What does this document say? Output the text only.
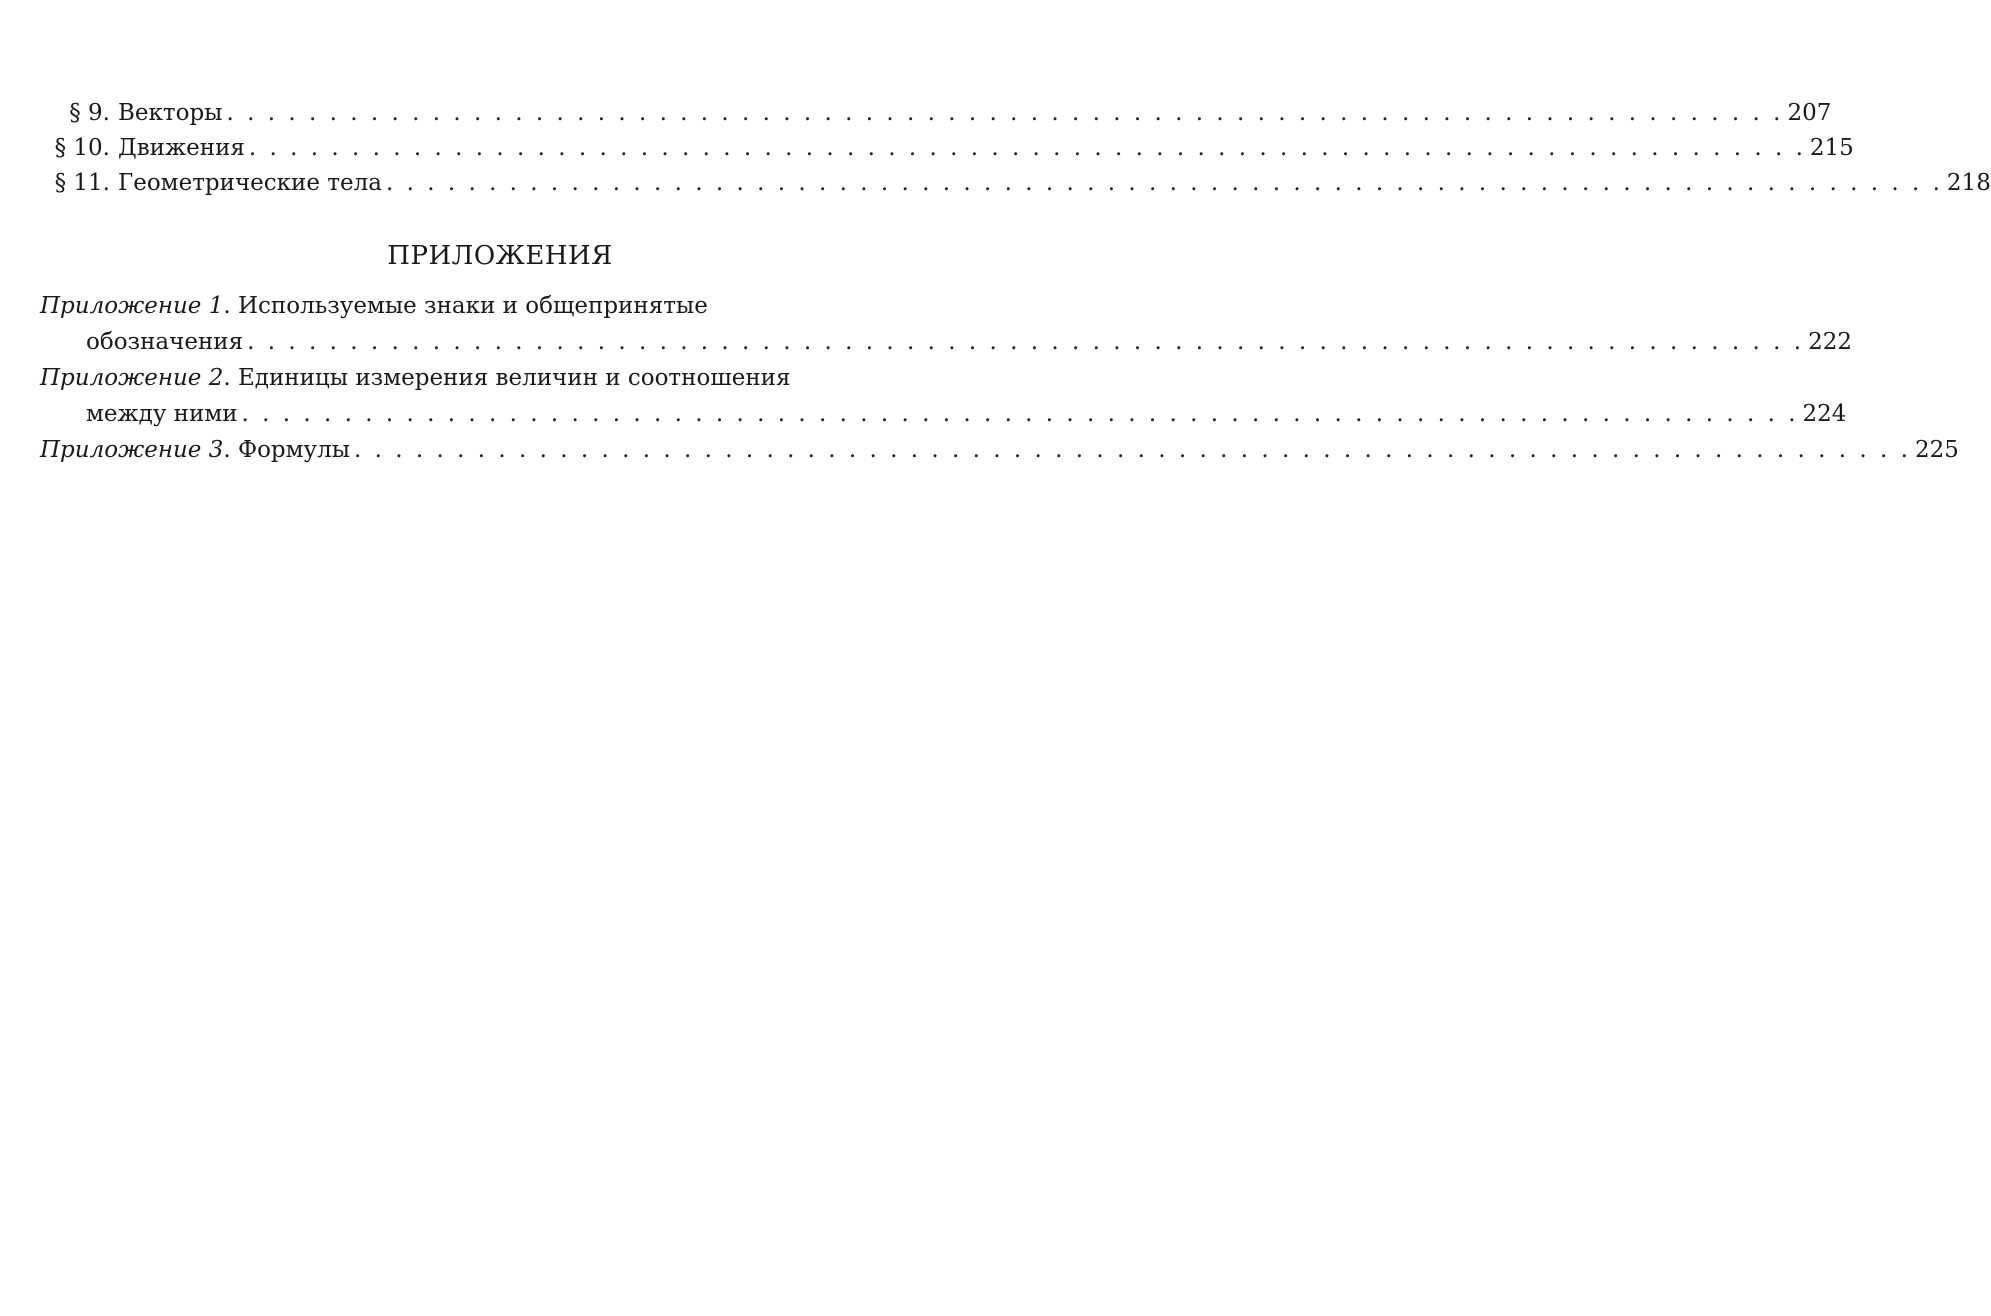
§ 9. Векторы . . . . . . . . . . . . . . . . . . . . . . . . . . . . . . . . . . . . . . . . . . . . . . . . . . . . . . . . . . . . . . . . . . . . . . . . . . . . 207
§ 10. Движения . . . . . . . . . . . . . . . . . . . . . . . . . . . . . . . . . . . . . . . . . . . . . . . . . . . . . . . . . . . . . . . . . . . . . . . . . . . . 215
§ 11. Геометрические тела . . . . . . . . . . . . . . . . . . . . . . . . . . . . . . . . . . . . . . . . . . . . . . . . . . . . . . . . . . . . . . . . . . . . . . . . . . . . 218
ПРИЛОЖЕНИЯ
Приложение 1. Используемые знаки и общепринятые
обозначения . . . . . . . . . . . . . . . . . . . . . . . . . . . . . . . . . . . . . . . . . . . . . . . . . . . . . . . . . . . . . . . . . . . . . . . . . . . . 222
Приложение 2. Единицы измерения величин и соотношения
между ними . . . . . . . . . . . . . . . . . . . . . . . . . . . . . . . . . . . . . . . . . . . . . . . . . . . . . . . . . . . . . . . . . . . . . . . . . . . . 224
Приложение 3. Формулы . . . . . . . . . . . . . . . . . . . . . . . . . . . . . . . . . . . . . . . . . . . . . . . . . . . . . . . . . . . . . . . . . . . . . . . . . . . . 225
